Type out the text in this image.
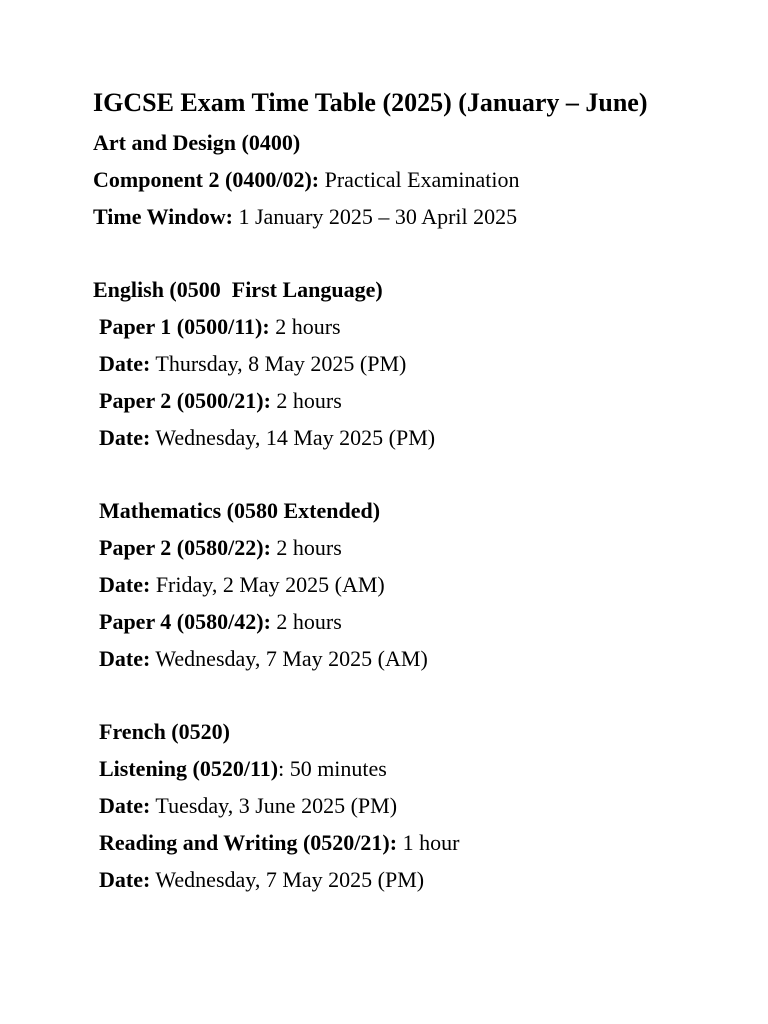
IGCSE Exam Time Table (2025) (January – June)
Art and Design (0400)
Component 2 (0400/02): Practical Examination
Time Window: 1 January 2025 – 30 April 2025
English (0500  First Language)
Paper 1 (0500/11): 2 hours
Date: Thursday, 8 May 2025 (PM)
Paper 2 (0500/21): 2 hours
Date: Wednesday, 14 May 2025 (PM)
Mathematics (0580 Extended)
Paper 2 (0580/22): 2 hours
Date: Friday, 2 May 2025 (AM)
Paper 4 (0580/42): 2 hours
Date: Wednesday, 7 May 2025 (AM)
French (0520)
Listening (0520/11): 50 minutes
Date: Tuesday, 3 June 2025 (PM)
Reading and Writing (0520/21): 1 hour
Date: Wednesday, 7 May 2025 (PM)
